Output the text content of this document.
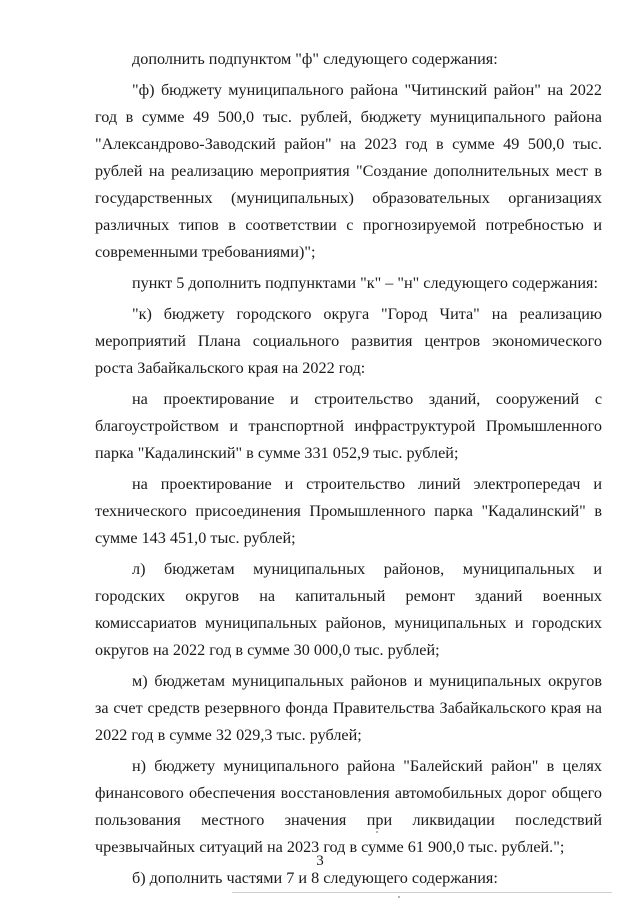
дополнить подпунктом "ф" следующего содержания:

"ф) бюджету муниципального района "Читинский район" на 2022 год в сумме 49 500,0 тыс. рублей, бюджету муниципального района "Александрово-Заводский район" на 2023 год в сумме 49 500,0 тыс. рублей на реализацию мероприятия "Создание дополнительных мест в государственных (муниципальных) образовательных организациях различных типов в соответствии с прогнозируемой потребностью и современными требованиями)";

пункт 5 дополнить подпунктами "к" – "н" следующего содержания:

"к) бюджету городского округа "Город Чита" на реализацию мероприятий Плана социального развития центров экономического роста Забайкальского края на 2022 год:

на проектирование и строительство зданий, сооружений с благоустройством и транспортной инфраструктурой Промышленного парка "Кадалинский" в сумме 331 052,9 тыс. рублей;

на проектирование и строительство линий электропередач и технического присоединения Промышленного парка "Кадалинский" в сумме 143 451,0 тыс. рублей;

л) бюджетам муниципальных районов, муниципальных и городских округов на капитальный ремонт зданий военных комиссариатов муниципальных районов, муниципальных и городских округов на 2022 год в сумме 30 000,0 тыс. рублей;

м) бюджетам муниципальных районов и муниципальных округов за счет средств резервного фонда Правительства Забайкальского края на 2022 год в сумме 32 029,3 тыс. рублей;

н) бюджету муниципального района "Балейский район" в целях финансового обеспечения восстановления автомобильных дорог общего пользования местного значения при ликвидации последствий чрезвычайных ситуаций на 2023 год в сумме 61 900,0 тыс. рублей.";

б) дополнить частями 7 и 8 следующего содержания:

3
